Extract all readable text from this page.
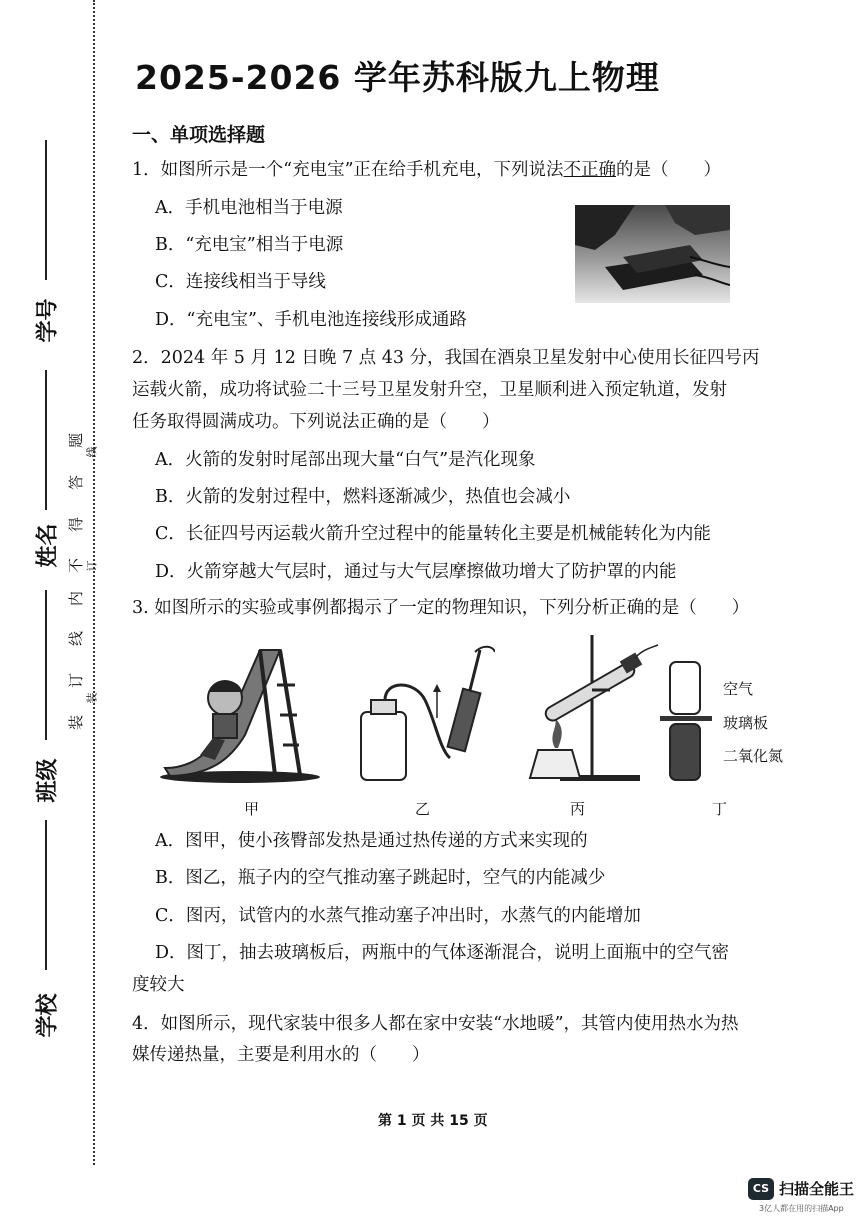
学号
姓名
班级
学校
装
订
线
内
不
得
答
题
装
订
线
2025-2026 学年苏科版九上物理
一、单项选择题
1．如图所示是一个“充电宝”正在给手机充电，下列说法不正确的是（　　）
A．手机电池相当于电源
B．“充电宝”相当于电源
C．连接线相当于导线
D．“充电宝”、手机电池连接线形成通路
2．2024 年 5 月 12 日晚 7 点 43 分，我国在酒泉卫星发射中心使用长征四号丙
运载火箭，成功将试验二十三号卫星发射升空，卫星顺利进入预定轨道，发射
任务取得圆满成功。下列说法正确的是（　　）
A．火箭的发射时尾部出现大量“白气”是汽化现象
B．火箭的发射过程中，燃料逐渐减少，热值也会减小
C．长征四号丙运载火箭升空过程中的能量转化主要是机械能转化为内能
D．火箭穿越大气层时，通过与大气层摩擦做功增大了防护罩的内能
3. 如图所示的实验或事例都揭示了一定的物理知识，下列分析正确的是（　　）
甲	乙	丙
空气
玻璃板
二氧化氮
丁
A．图甲，使小孩臀部发热是通过热传递的方式来实现的
B．图乙，瓶子内的空气推动塞子跳起时，空气的内能减少
C．图丙，试管内的水蒸气推动塞子冲出时，水蒸气的内能增加
D．图丁，抽去玻璃板后，两瓶中的气体逐渐混合，说明上面瓶中的空气密
度较大
4．如图所示，现代家装中很多人都在家中安装“水地暖”，其管内使用热水为热
媒传递热量，主要是利用水的（　　）
第 1 页 共 15 页
CS 扫描全能王
3亿人都在用的扫描App
